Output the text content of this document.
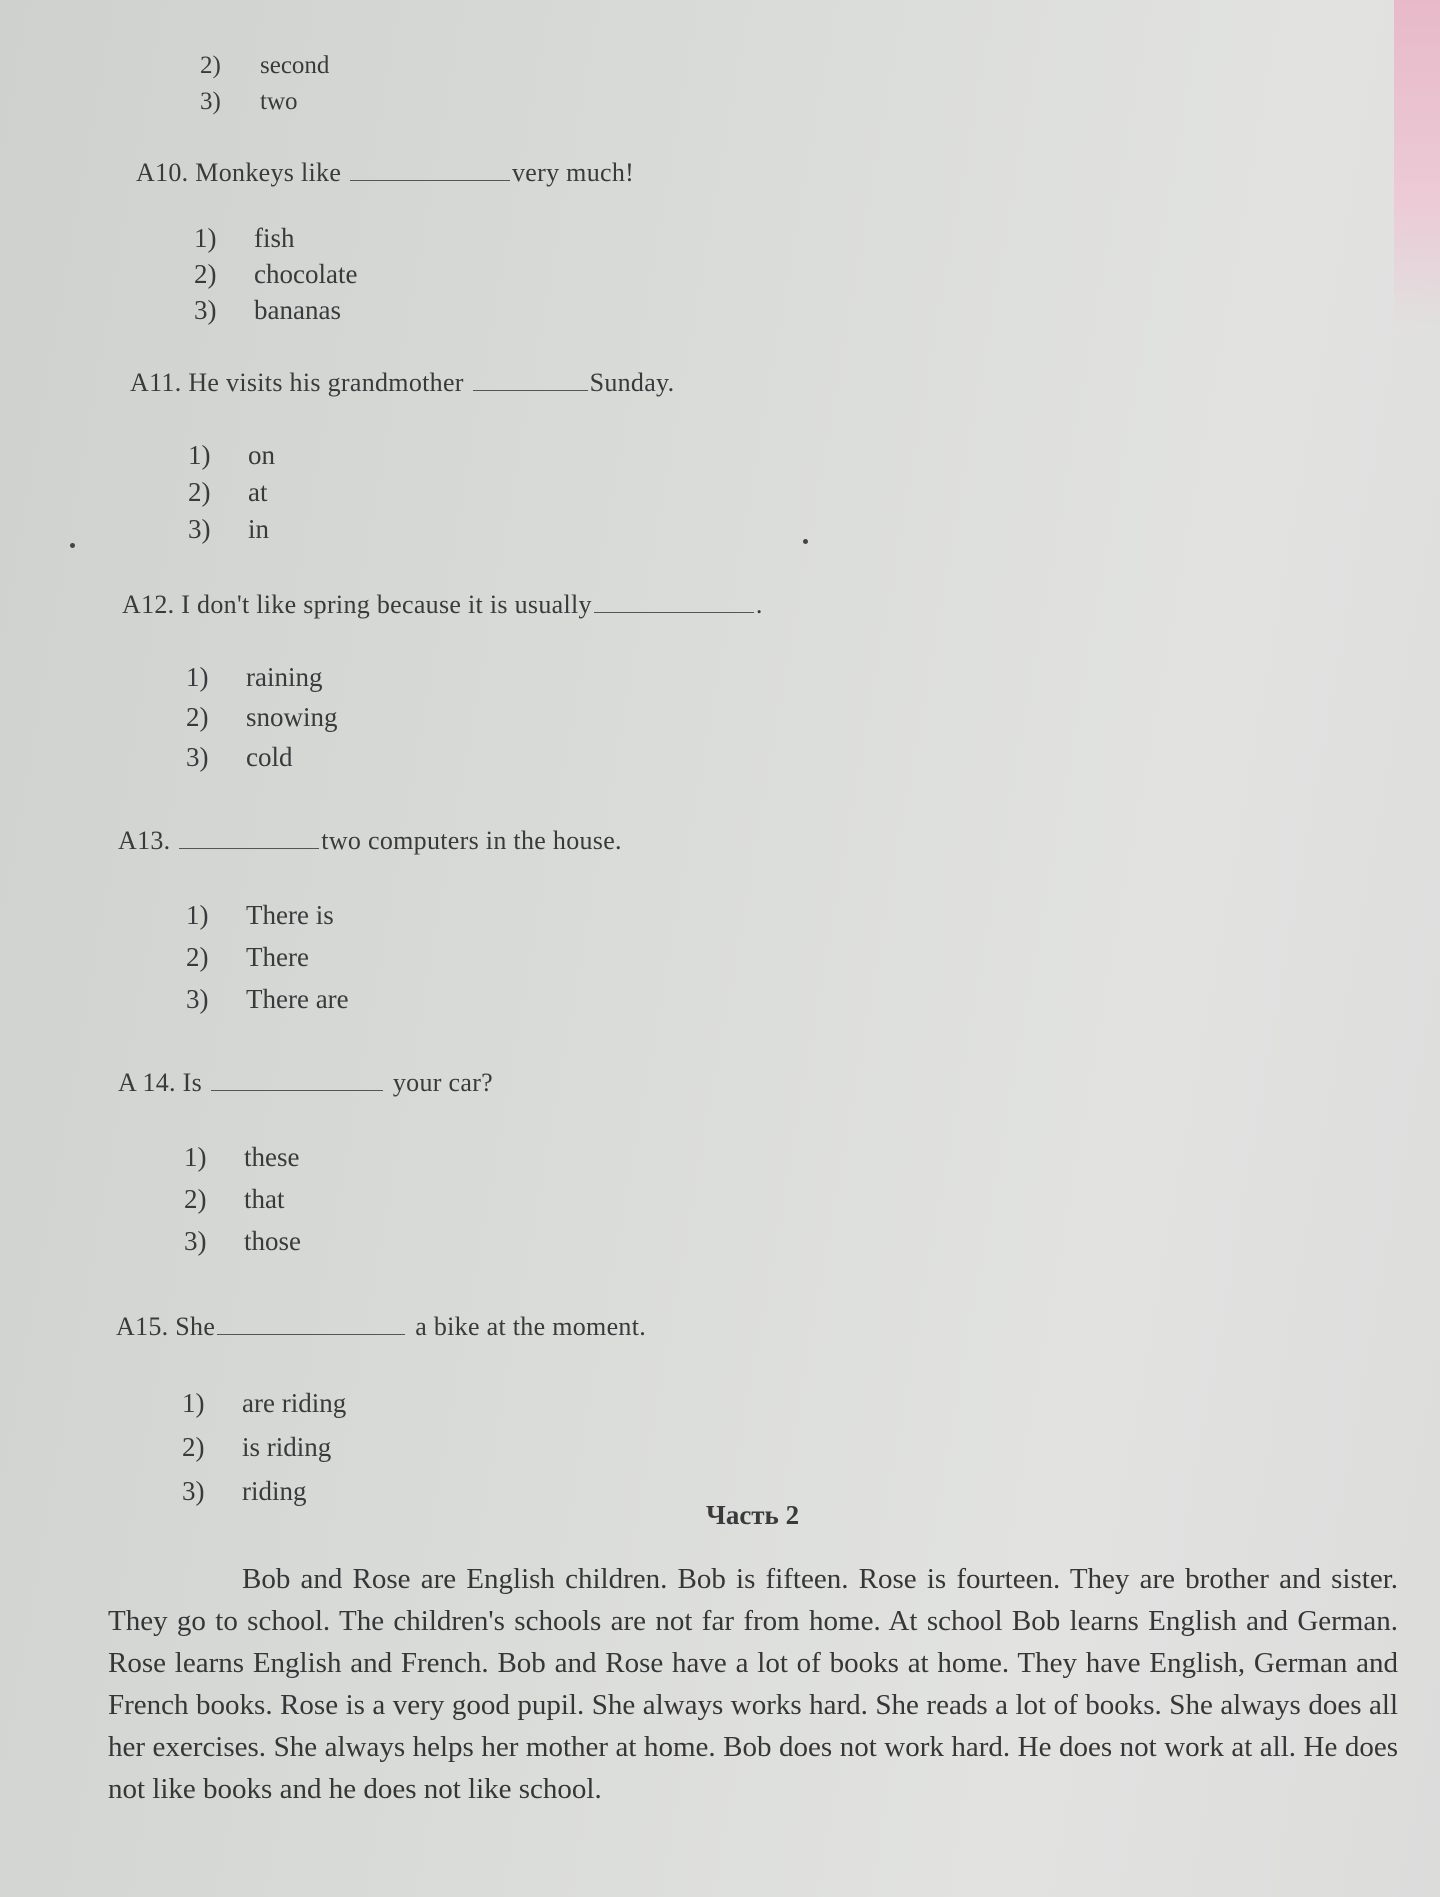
2) second
3) two
A10. Monkeys like	very much!
1) fish
2) chocolate
3) bananas
A11. He visits his grandmother	Sunday.
1) on
2) at
3) in
A12. I don't like spring because it is usually	.
1) raining
2) snowing
3) cold
A13.	two computers in the house.
1) There is
2) There
3) There are
A 14. Is	your car?
1) these
2) that
3) those
A15. She	a bike at the moment.
1) are riding
2) is riding
3) riding
Часть 2
Bob and Rose are English children. Bob is fifteen. Rose is fourteen. They are brother and sister. They go to school. The children's schools are not far from home. At school Bob learns English and German. Rose learns English and French. Bob and Rose have a lot of books at home. They have English, German and French books. Rose is a very good pupil. She always works hard. She reads a lot of books. She always does all her exercises. She always helps her mother at home. Bob does not work hard. He does not work at all. He does not like books and he does not like school.
